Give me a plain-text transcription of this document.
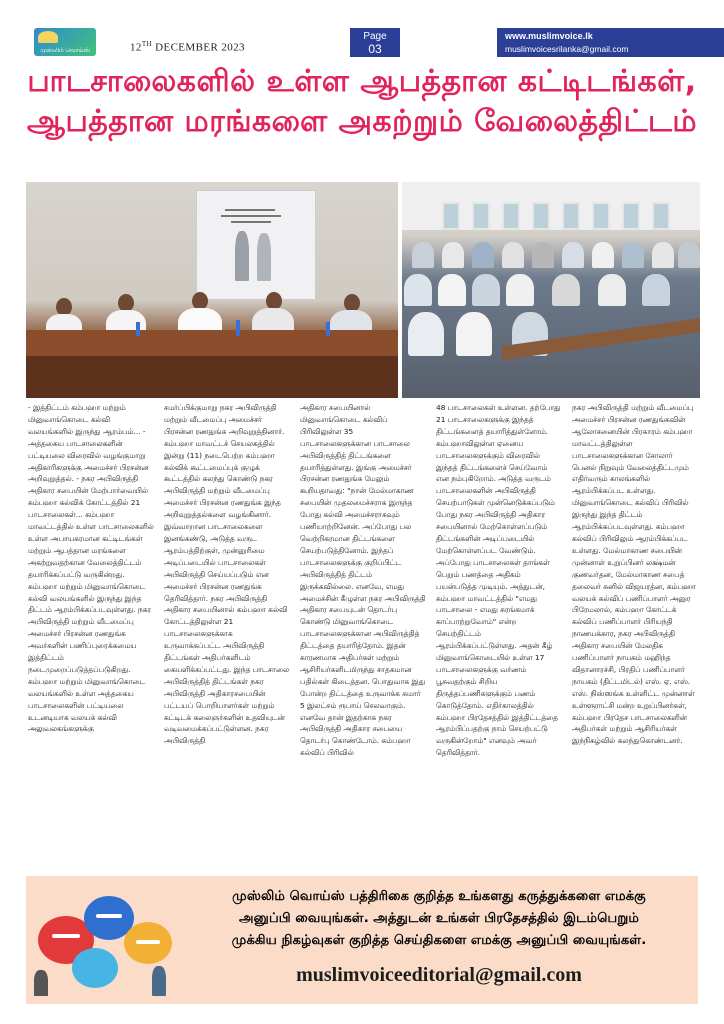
முஸ்லிம் வொய்ஸ்	12TH DECEMBER 2023
Page
03
www.muslimvoice.lk
muslimvoicesrilanka@gmail.com
பாடசாலைகளில் உள்ள ஆபத்தான கட்டிடங்கள்,
ஆபத்தான மரங்களை அகற்றும் வேலைத்திட்டம்
- இத்திட்டம் கம்பஹா மற்றும் மினுவாங்கொடை கல்வி வலயங்களில் இருந்து ஆரம்பம்... - அத்தகைய பாடசாலைகளின் பட்டியலை விரைவில் வழங்குமாறு அதிகாரிகளுக்கு அமைச்சர் பிரசன்ன அறிவுறுத்தல். - நகர அபிவிருத்தி அதிகார சபையின் மேற்பார்வையில் கம்பஹா கல்விக் கோட்டத்தில் 21 பாடசாலைகள்... கம்பஹா மாவட்டத்தில் உள்ள பாடசாலைகளில் உள்ள அபாயகரமான கட்டிடங்கள் மற்றும் ஆபத்தான மரங்களை அகற்றுவதற்கான வேலைத்திட்டம் தயாரிக்கப்பட்டு வருகின்றது. கம்பஹா மற்றும் மினுவாங்கொடை கல்வி வலயங்களில் இருந்து இந்த திட்டம் ஆரம்பிக்கப்படவுள்ளது. நகர அபிவிருத்தி மற்றும் வீடமைப்பு அமைச்சர் பிரசன்ன ரணதுங்க அவர்களின் பணிப்புரைக்கமைய இத்திட்டம் நடைமுறைப்படுத்தப்படுகிறது. கம்பஹா மற்றும் மினுவாங்கொடை வலயங்களில் உள்ள அத்தகைய பாடசாலைகளின் பட்டியலை உடனடியாக வலயக் கல்வி அலுவலகங்களுக்கு
சமர்ப்பிக்குமாறு நகர அபிவிருத்தி மற்றும் வீடமைப்பு அமைச்சர் பிரசன்ன ரணதுங்க அறிவுறுத்தினார். கம்பஹா மாவட்டச் செயலகத்தில் இன்று (11) நடைபெற்ற கம்பஹா கல்விக் கூட்டமைப்புக் குழுக் கூட்டத்தில் கலந்து கொண்டு நகர அபிவிருத்தி மற்றும் வீடமைப்பு அமைச்சர் பிரசன்ன ரணதுங்க இந்த அறிவுறுத்தல்களை வழங்கினார். இவ்வாறான பாடசாலைகளை இனங்கண்டு, அடுத்த வருட ஆரம்பத்திற்குள், முன்னுரிமை அடிப்படையில் பாடசாலைகள் அபிவிருத்தி செய்யப்படும் என அமைச்சர் பிரசன்ன ரணதுங்க தெரிவித்தார். நகர அபிவிருத்தி அதிகார சபையினால் கம்பஹா கல்வி கோட்டத்திலுள்ள 21 பாடசாலைகளுக்காக உருவாக்கப்பட்ட அபிவிருத்தி திட்டங்கள் அதிபர்களிடம் கையளிக்கப்பட்டது. இந்த பாடசாலை அபிவிருத்தித் திட்டங்கள் நகர அபிவிருத்தி அதிகாரசபையின் பட்டயப் பொறியாளர்கள் மற்றும் கட்டிடக் கலைஞர்களின் உதவியுடன் வடிவமைக்கப்பட்டுள்ளன. நகர அபிவிருத்தி
அதிகார சபையினால் மினுவாங்கொடை கல்விப் பிரிவிலுள்ள 35 பாடசாலைகளுக்கான பாடசாலை அபிவிருத்தித் திட்டங்களை தயாரித்துள்ளது. இங்கு அமைச்சர் பிரசன்ன ரணதுங்க மேலும் கூறியதாவது: "நான் மேல்மாகாண சபையின் முதலமைச்சராக இருந்த போது கல்வி அமைச்சராகவும் பணியாற்றினேன். அப்போது பல வெற்றிகரமான திட்டங்களை செயற்படுத்தினோம். இந்தப் பாடசாலைகளுக்கு குறிப்பிட்ட அபிவிருத்தித் திட்டம் இருக்கவில்லை. எனவே, எமது அமைச்சின் கீழுள்ள நகர அபிவிருத்தி அதிகார சபையுடன் தொடர்பு கொண்டு மினுவாங்கொடை பாடசாலைகளுக்கான அபிவிருத்தித் திட்டத்தை தயாரித்தோம். இதன் காரணமாக அதிபர்கள் மற்றும் ஆசிரியர்களிடமிருந்து சாதகமான பதில்கள் கிடைத்தன. பொதுவாக இது போன்ற திட்டத்தை உருவாக்க சுமார் 5 இலட்சம் ரூபாய் செலவாகும். எனவே தான் இதற்காக நகர அபிவிருத்தி அதிகார சபையை தொடர்பு கொண்டோம். கம்பஹா கல்விப் பிரிவில்
48 பாடசாலைகள் உள்ளன. தற்போது 21 பாடசாலைகளுக்கு இந்தத் திட்டங்களைத் தயாரித்துள்ளோம். கம்பஹாவிலுள்ள ஏனைய பாடசாலைகளுக்கும் விரைவில் இந்தத் திட்டங்களைச் செய்வோம் என நம்புகிறோம். அடுத்த வருடம் பாடசாலைகளின் அபிவிருத்தி செயற்பாடுகள் முன்னெடுக்கப்படும் போது நகர அபிவிருத்தி அதிகார சபையினால் மேற்கொள்ளப்படும் திட்டங்களின் அடிப்படையில் மேற்கொள்ளப்பட வேண்டும். அப்போது பாடசாலைகள் தாங்கள் பெறும் பணத்தை அதிகம் பயன்படுத்த முடியும். அத்துடன், கம்பஹா மாவட்டத்தில் "எமது பாடசாலை - எமது சுரங்கமாக் காப்பாற்றுவோம்" என்ற செயற்திட்டம் ஆரம்பிக்கப்பட்டுள்ளது. அதன் கீழ் மினுவாங்கொடையில் உள்ள 17 பாடசாலைகளுக்கு வர்ணம் பூசுவதற்கும் சிறிய திருத்தப்பணிகளுக்கும் பணம் கொடுத்தோம். எதிர்காலத்தில் கம்பஹா பிரதேசத்தில் இத்திட்டத்தை ஆரம்பிப்பதற்கு நாம் செயற்பட்டு வருகின்றோம்" எனவும் அவர் தெரிவித்தார்.
நகர அபிவிருத்தி மற்றும் வீடமைப்பு அமைச்சர் பிரசன்ன ரணதுங்கவின் ஆலோசனையின் பிரகாரம் கம்பஹா மாவட்டத்திலுள்ள பாடசாலைகளுக்கான சோலார் பெனல் நிறுவும் வேலைத்திட்டமும் எதிர்வரும் காலங்களில் ஆரம்பிக்கப்பட உள்ளது. மினுவாங்கொடை கல்விப் பிரிவில் இருந்து இந்த திட்டம் ஆரம்பிக்கப்படவுள்ளது. கம்பஹா கல்விப் பிரிவிலும் ஆரம்பிக்கப்பட உள்ளது. மேல்மாகாண சபையின் முன்னாள் உறுப்பினர் லக்ஷ்மன் குணவர்தன, மேல்மாகாண சபைத் தலைவர் சுனில் விஜயரத்ன, கம்பஹா வலயக் கல்விப் பணிப்பாளர் அனுர பிரேமலால், கம்பஹா கோட்டக் கல்விப் பணிப்பாளர் பிரியந்தி நாணயக்கார, நகர அபிவிருத்தி அதிகார சபையின் மேலதிக பணிப்பாளர் நாயகம் மஹிந்த விதானாரச்சி, பிரதிப் பணிப்பாளர் நாயகம் (திட்டமிடல்) எஸ். ஏ. எஸ். எஸ். நிஸ்ஸங்க உள்ளிட்ட முன்னாள் உள்ளூராட்சி மன்ற உறுப்பினர்கள், கம்பஹா பிரதேச பாடசாலைகளின் அதிபர்கள் மற்றும் ஆசிரியர்கள் இந்நிகழ்வில் கலந்துகொண்டனர்.
முஸ்லிம் வொய்ஸ் பத்திரிகை குறித்த உங்களது கருத்துக்களை எமக்கு
அனுப்பி வையுங்கள். அத்துடன் உங்கள் பிரதேசத்தில் இடம்பெறும்
முக்கிய நிகழ்வுகள் குறித்த செய்திகளை எமக்கு அனுப்பி வையுங்கள்.
muslimvoiceeditorial@gmail.com
